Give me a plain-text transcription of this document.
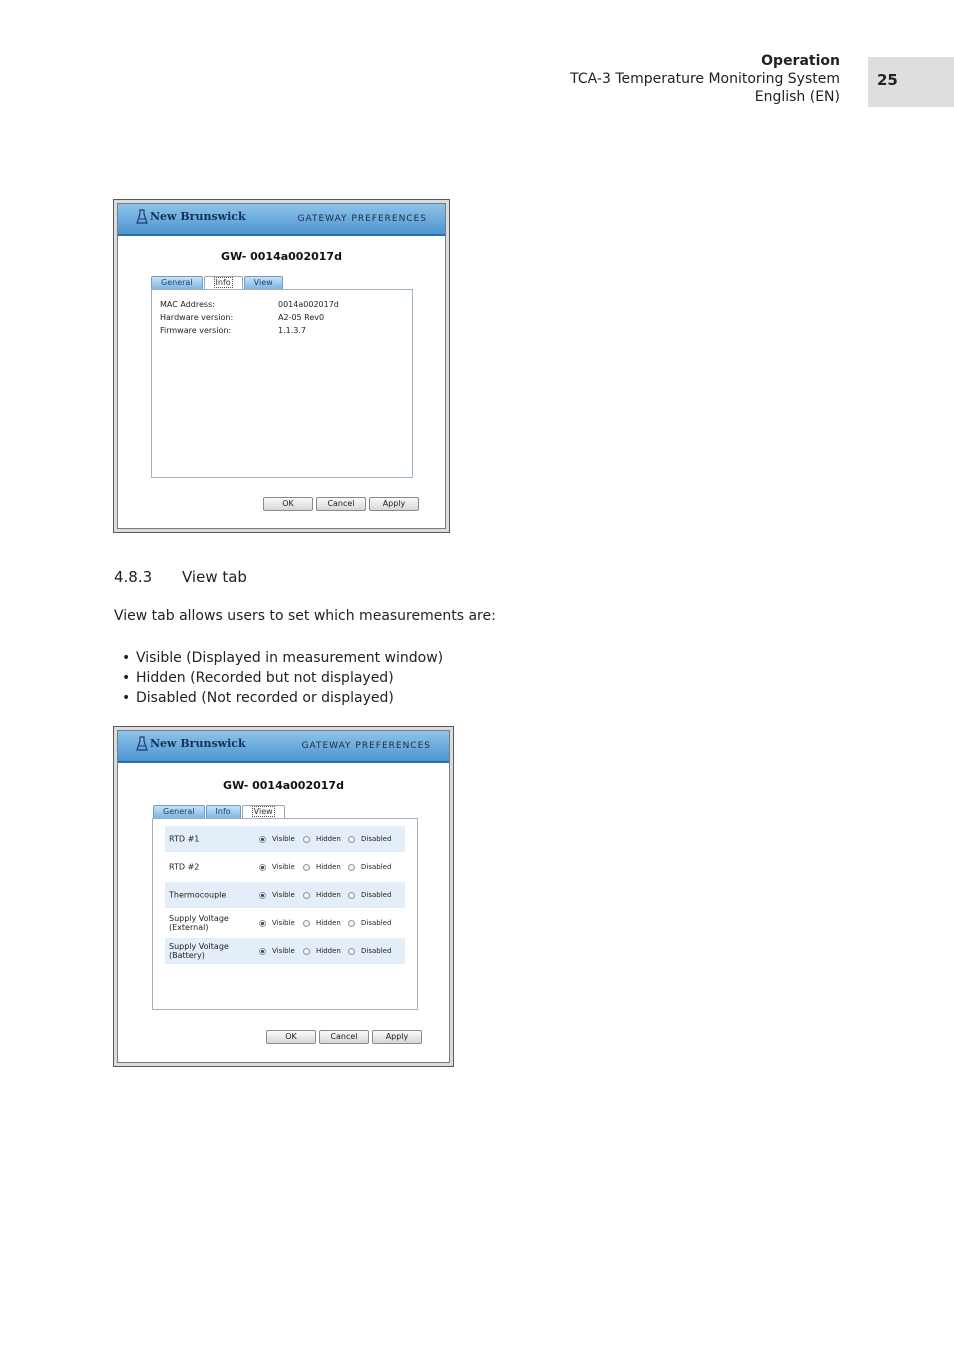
Operation
TCA-3 Temperature Monitoring System
English (EN)
25
New Brunswick	GATEWAY PREFERENCES
GW- 0014a002017d
General	Info	View
MAC Address:	0014a002017d
Hardware version:	A2-05 Rev0
Firmware version:	1.1.3.7
OK	Cancel	Apply
4.8.3 View tab
View tab allows users to set which measurements are:
• Visible (Displayed in measurement window)
• Hidden (Recorded but not displayed)
• Disabled (Not recorded or displayed)
New Brunswick	GATEWAY PREFERENCES
GW- 0014a002017d
General	Info	View
RTD #1	Visible	Hidden	Disabled
RTD #2	Visible	Hidden	Disabled
Thermocouple	Visible	Hidden	Disabled
Supply Voltage (External)	Visible	Hidden	Disabled
Supply Voltage (Battery)	Visible	Hidden	Disabled
OK	Cancel	Apply
